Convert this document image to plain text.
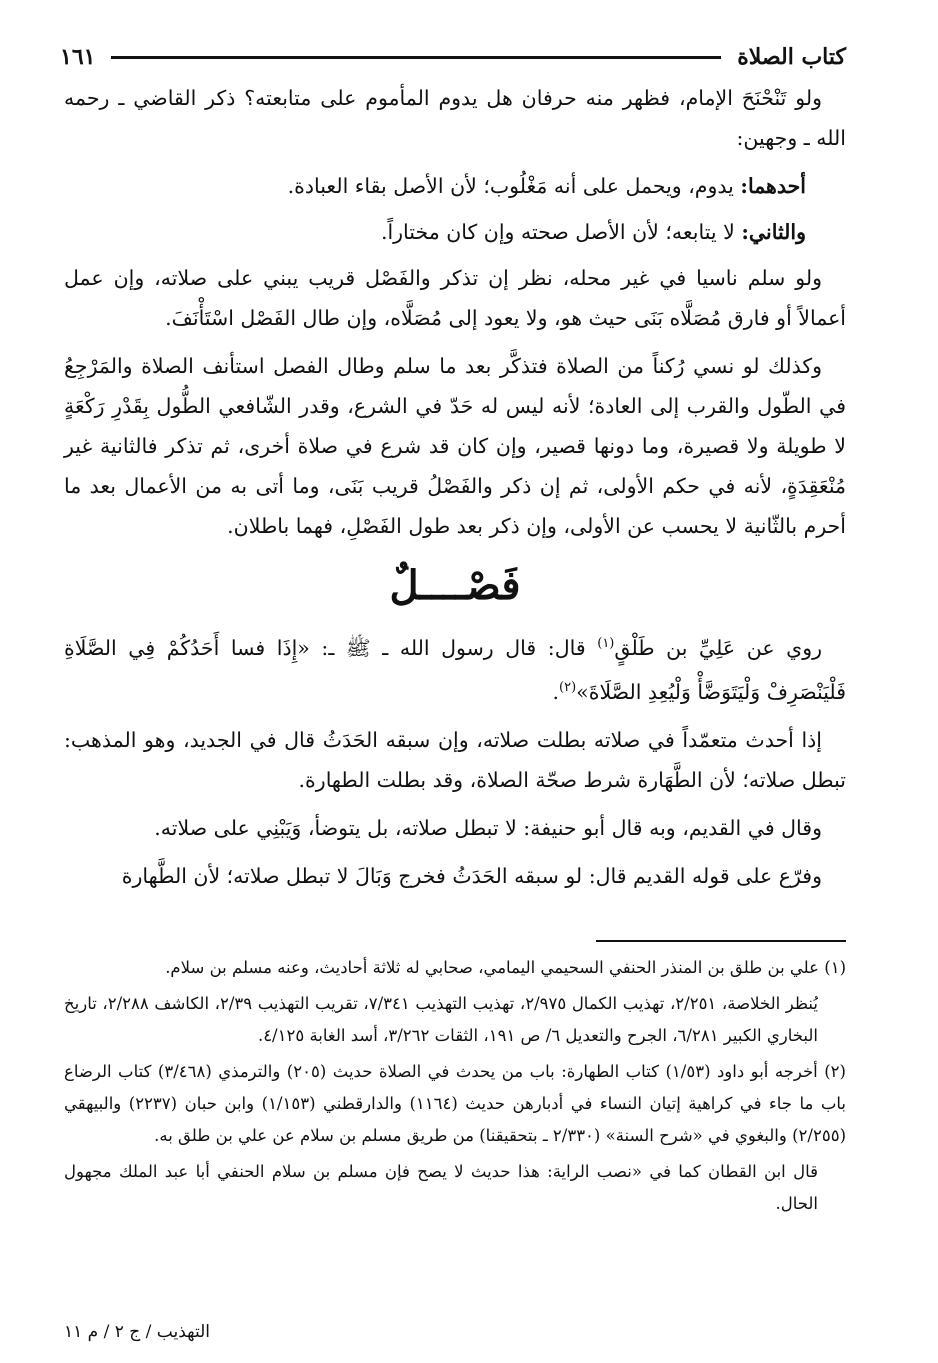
كتاب الصلاة
١٦١

ولو تَنْحْنَحَ الإمام، فظهر منه حرفان هل يدوم المأموم على متابعته؟ ذكر القاضي ـ رحمه الله ـ وجهين:

أحدهما: يدوم، ويحمل على أنه مَغْلُوب؛ لأن الأصل بقاء العبادة.

والثاني: لا يتابعه؛ لأن الأصل صحته وإن كان مختاراً.

ولو سلم ناسيا في غير محله، نظر إن تذكر والفَصْل قريب يبني على صلاته، وإن عمل أعمالاً أو فارق مُصَلَّاه بَنَى حيث هو، ولا يعود إلى مُصَلَّاه، وإن طال الفَصْل اسْتَأْنَفَ.

وكذلك لو نسي رُكناً من الصلاة فتذكَّر بعد ما سلم وطال الفصل استأنف الصلاة والمَرْجِعُ في الطّول والقرب إلى العادة؛ لأنه ليس له حَدّ في الشرع، وقدر الشّافعي الطُّول بِقَدْرِ رَكْعَةٍ لا طويلة ولا قصيرة، وما دونها قصير، وإن كان قد شرع في صلاة أخرى، ثم تذكر فالثانية غير مُنْعَقِدَةٍ، لأنه في حكم الأولى، ثم إن ذكر والفَصْلُ قريب بَنَى، وما أتى به من الأعمال بعد ما أحرم بالثّانية لا يحسب عن الأولى، وإن ذكر بعد طول الفَصْلِ، فهما باطلان.

فَصْــــلٌ

روي عن عَلِيِّ بن طَلْقٍ$^{(١)}$ قال: قال رسول الله ـ ﷺ ـ: «إِذَا فسا أَحَدُكُمْ فِي الصَّلَاةِ فَلْيَنْصَرِفْ وَلْيَتَوَضَّأْ وَلْيُعِدِ الصَّلَاةَ»$^{(٢)}$.

إذا أحدث متعمّداً في صلاته بطلت صلاته، وإن سبقه الحَدَثُ قال في الجديد، وهو المذهب: تبطل صلاته؛ لأن الطَّهَارة شرط صحّة الصلاة، وقد بطلت الطهارة.

وقال في القديم، وبه قال أبو حنيفة: لا تبطل صلاته، بل يتوضأ، وَيَبْنِي على صلاته.

وفرّع على قوله القديم قال: لو سبقه الحَدَثُ فخرج وَبَالَ لا تبطل صلاته؛ لأن الطَّهارة

(١) علي بن طلق بن المنذر الحنفي السحيمي اليمامي، صحابي له ثلاثة أحاديث، وعنه مسلم بن سلام.

يُنظر الخلاصة، ٢/٢٥١، تهذيب الكمال ٢/٩٧٥، تهذيب التهذيب ٧/٣٤١، تقريب التهذيب ٢/٣٩، الكاشف ٢/٢٨٨، تاريخ البخاري الكبير ٦/٢٨١، الجرح والتعديل ٦/ ص ١٩١، الثقات ٣/٢٦٢، أسد الغابة ٤/١٢٥.

(٢) أخرجه أبو داود (١/٥٣) كتاب الطهارة: باب من يحدث في الصلاة حديث (٢٠٥) والترمذي (٣/٤٦٨) كتاب الرضاع باب ما جاء في كراهية إتيان النساء في أدبارهن حديث (١١٦٤) والدارقطني (١/١٥٣) وابن حبان (٢٢٣٧) والبيهقي (٢/٢٥٥) والبغوي في «شرح السنة» (٢/٣٣٠ ـ بتحقيقنا) من طريق مسلم بن سلام عن علي بن طلق به.

قال ابن القطان كما في «نصب الراية: هذا حديث لا يصح فإن مسلم بن سلام الحنفي أبا عبد الملك مجهول الحال.

التهذيب / ج ٢ / م ١١
